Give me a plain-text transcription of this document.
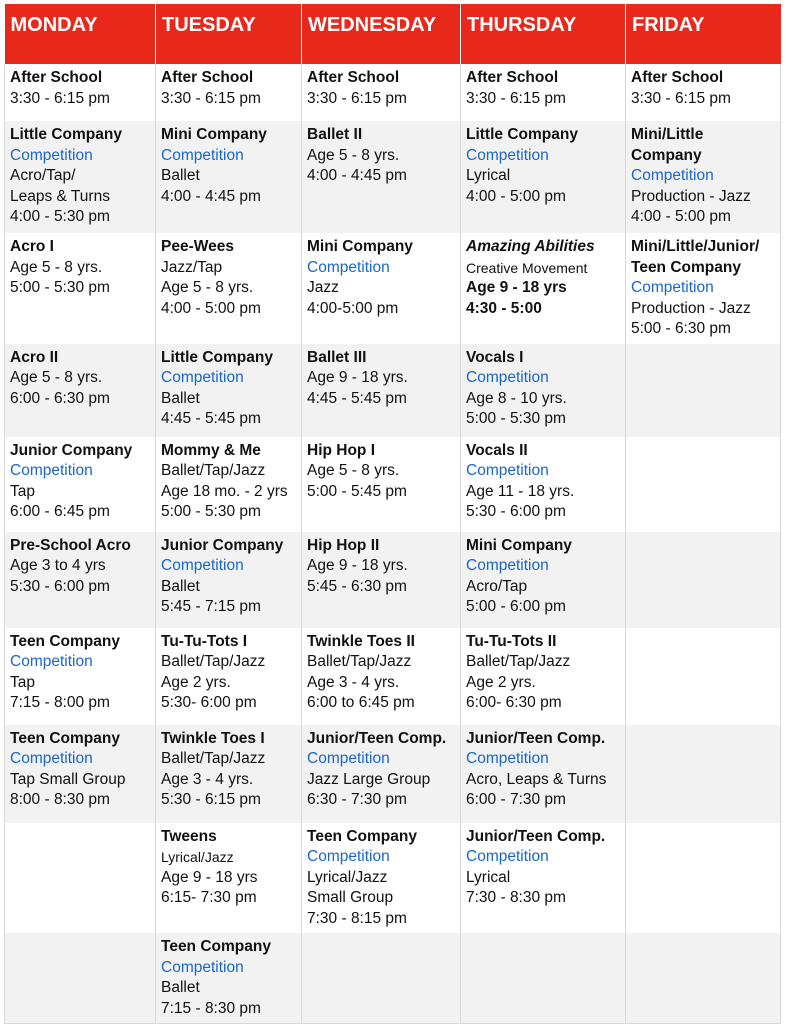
MONDAY	TUESDAY	WEDNESDAY	THURSDAY	FRIDAY

After School
3:30 - 6:15 pm	After School
3:30 - 6:15 pm	After School
3:30 - 6:15 pm	After School
3:30 - 6:15 pm	After School
3:30 - 6:15 pm

Little Company
Competition
Acro/Tap/
Leaps & Turns
4:00 - 5:30 pm	Mini Company
Competition
Ballet
4:00 - 4:45 pm	Ballet II
Age 5 - 8 yrs.
4:00 - 4:45 pm	Little Company
Competition
Lyrical
4:00 - 5:00 pm	Mini/Little
Company
Competition
Production - Jazz
4:00 - 5:00 pm

Acro I
Age 5 - 8 yrs.
5:00 - 5:30 pm	Pee-Wees
Jazz/Tap
Age 5 - 8 yrs.
4:00 - 5:00 pm	Mini Company
Competition
Jazz
4:00-5:00 pm	Amazing Abilities
Creative Movement
Age 9 - 18 yrs
4:30 - 5:00	Mini/Little/Junior/
Teen Company
Competition
Production - Jazz
5:00 - 6:30 pm

Acro II
Age 5 - 8 yrs.
6:00 - 6:30 pm	Little Company
Competition
Ballet
4:45 - 5:45 pm	Ballet III
Age 9 - 18 yrs.
4:45 - 5:45 pm	Vocals I
Competition
Age 8 - 10 yrs.
5:00 - 5:30 pm	

Junior Company
Competition
Tap
6:00 - 6:45 pm	Mommy & Me
Ballet/Tap/Jazz
Age 18 mo. - 2 yrs
5:00 - 5:30 pm	Hip Hop I
Age 5 - 8 yrs.
5:00 - 5:45 pm	Vocals II
Competition
Age 11 - 18 yrs.
5:30 - 6:00 pm	

Pre-School Acro
Age 3 to 4 yrs
5:30 - 6:00 pm	Junior Company
Competition
Ballet
5:45 - 7:15 pm	Hip Hop II
Age 9 - 18 yrs.
5:45 - 6:30 pm	Mini Company
Competition
Acro/Tap
5:00 - 6:00 pm	

Teen Company
Competition
Tap
7:15 - 8:00 pm	Tu-Tu-Tots I
Ballet/Tap/Jazz
Age 2 yrs.
5:30- 6:00 pm	Twinkle Toes II
Ballet/Tap/Jazz
Age 3 - 4 yrs.
6:00 to 6:45 pm	Tu-Tu-Tots II
Ballet/Tap/Jazz
Age 2 yrs.
6:00- 6:30 pm	

Teen Company
Competition
Tap Small Group
8:00 - 8:30 pm	Twinkle Toes I
Ballet/Tap/Jazz
Age 3 - 4 yrs.
5:30 - 6:15 pm	Junior/Teen Comp.
Competition
Jazz Large Group
6:30 - 7:30 pm	Junior/Teen Comp.
Competition
Acro, Leaps & Turns
6:00 - 7:30 pm	

	Tweens
Lyrical/Jazz
Age 9 - 18 yrs
6:15- 7:30 pm	Teen Company
Competition
Lyrical/Jazz
Small Group
7:30 - 8:15 pm	Junior/Teen Comp.
Competition
Lyrical
7:30 - 8:30 pm	

	Teen Company
Competition
Ballet
7:15 - 8:30 pm			
